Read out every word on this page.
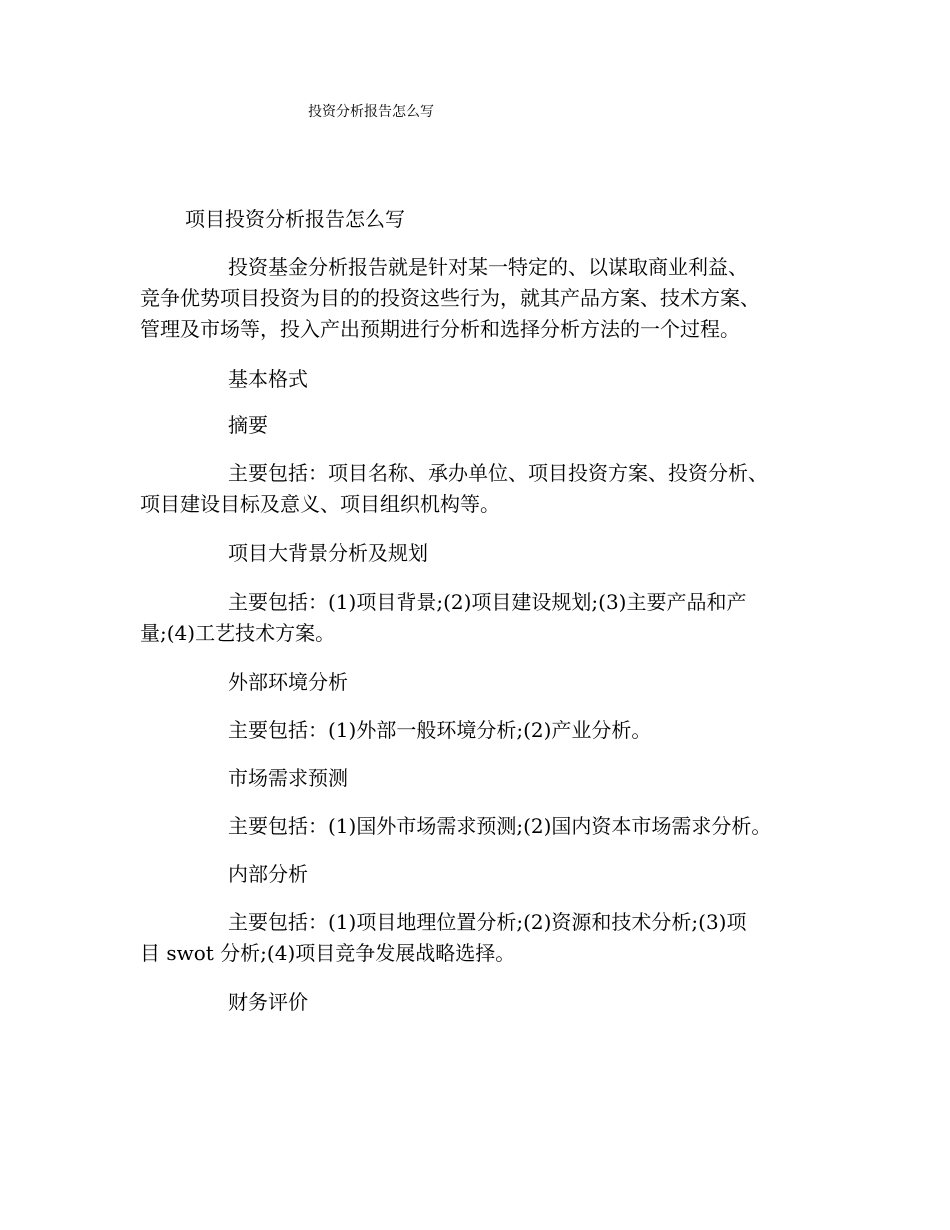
投资分析报告怎么写
项目投资分析报告怎么写
投资基金分析报告就是针对某一特定的、以谋取商业利益、
竞争优势项目投资为目的的投资这些行为，就其产品方案、技术方案、
管理及市场等，投入产出预期进行分析和选择分析方法的一个过程。
基本格式
摘要
主要包括：项目名称、承办单位、项目投资方案、投资分析、
项目建设目标及意义、项目组织机构等。
项目大背景分析及规划
主要包括：(1)项目背景;(2)项目建设规划;(3)主要产品和产
量;(4)工艺技术方案。
外部环境分析
主要包括：(1)外部一般环境分析;(2)产业分析。
市场需求预测
主要包括：(1)国外市场需求预测;(2)国内资本市场需求分析。
内部分析
主要包括：(1)项目地理位置分析;(2)资源和技术分析;(3)项
目 swot 分析;(4)项目竞争发展战略选择。
财务评价
